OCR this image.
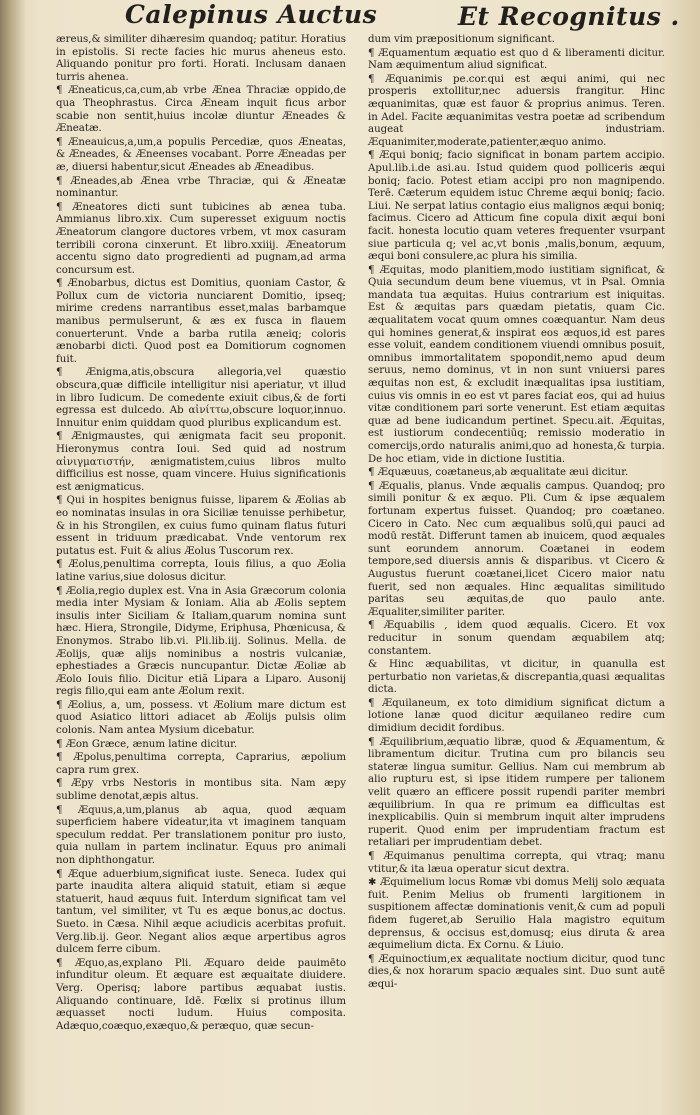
Calepinus Auctus	Et Recognitus .

æreus,& similiter dihæresim quandoq; patitur. Horatius in epistolis. Si recte facies hic murus aheneus esto. Aliquando ponitur pro forti. Horati. Inclusam danaen turris ahenea.

¶ Æneaticus,ca,cum,ab vrbe Ænea Thraciæ oppido,de qua Theophrastus. Circa Æneam inquit ficus arbor scabie non sentit,huius incolæ diuntur Æneades & Æneatæ.

¶ Æneauicus,a,um,a populis Percediæ, quos Æneatas, & Æneades, & Æneenses vocabant. Porre Æneadas per æ, diuersi habentur,sicut Æneades ab Æneadibus.

¶ Æneades,ab Ænea vrbe Thraciæ, qui & Æneatæ nominantur.

¶ Æneatores dicti sunt tubicines ab ænea tuba. Ammianus libro.xix. Cum superesset exiguum noctis Æneatorum clangore ductores vrbem, vt mox casuram terribili corona cinxerunt. Et libro.xxiiij. Æneatorum accentu signo dato progredienti ad pugnam,ad arma concursum est.

¶ Ænobarbus, dictus est Domitius, quoniam Castor, & Pollux cum de victoria nunciarent Domitio, ipseq; mirime credens narrantibus esset,malas barbamque manibus permulserunt, & æs ex fusca in flauem conuerterunt. Vnde a barba rutila æneiq; coloris ænobarbi dicti. Quod post ea Domitiorum cognomen fuit.

¶ Ænigma,atis,obscura allegoria,vel quæstio obscura,quæ difficile intelligitur nisi aperiatur, vt illud in libro Iudicum. De comedente exiuit cibus,& de forti egressa est dulcedo. Ab αἰνίττω,obscure loquor,innuo. Innuitur enim quiddam quod pluribus explicandum est.

¶ Ænigmaustes, qui ænigmata facit seu proponit. Hieronymus contra Ioui. Sed quid ad nostrum αἰνιγματιστήν, ænigmatistem,cuius libros multo difficilius est nosse, quam vincere. Huius significationis est ænigmaticus.

¶ Qui in hospites benignus fuisse, liparem & Æolias ab eo nominatas insulas in ora Siciliæ tenuisse perhibetur, & in his Strongilen, ex cuius fumo quinam flatus futuri essent in triduum prædicabat. Vnde ventorum rex putatus est. Fuit & alius Æolus Tuscorum rex.

¶ Æolus,penultima correpta, Iouis filius, a quo Æolia latine varius,siue dolosus dicitur.

¶ Æolia,regio duplex est. Vna in Asia Græcorum colonia media inter Mysiam & Ioniam. Alia ab Æolis septem insulis inter Siciliam & Italiam,quarum nomina sunt hæc. Hiera, Strongile, Didyme, Eriphusa, Phœnicusa, & Enonymos. Strabo lib.vi. Pli.lib.iij. Solinus. Mella. de Æolijs, quæ alijs nominibus a nostris vulcaniæ, ephestiades a Græcis nuncupantur. Dictæ Æoliæ ab Æolo Iouis filio. Dicitur etiã Lipara a Liparo. Ausonij regis filio,qui eam ante Æolum rexit.

¶ Æolius, a, um, possess. vt Æolium mare dictum est quod Asiatico littori adiacet ab Æolijs pulsis olim colonis. Nam antea Mysium dicebatur.

¶ Æon Græce, ænum latine dicitur.

¶ Æpolus,penultima correpta, Caprarius, æpolium capra rum grex.

¶ Æpy vrbs Nestoris in montibus sita. Nam æpy sublime denotat,æpis altus.

¶ Æquus,a,um,planus ab aqua, quod æquam superficiem habere videatur,ita vt imaginem tanquam speculum reddat. Per translationem ponitur pro iusto, quia nullam in partem inclinatur. Equus pro animali non diphthongatur.

¶ Æque aduerbium,significat iuste. Seneca. Iudex qui parte inaudita altera aliquid statuit, etiam si æque statuerit, haud æquus fuit. Interdum significat tam vel tantum, vel similiter, vt Tu es æque bonus,ac doctus. Sueto. in Cæsa. Nihil æque aciudicis acerbitas profuit. Verg.lib.ij. Geor. Negant alios æque arpertibus agros dulcem ferre cibum.

¶ Æquo,as,explano Pli. Æquaro deide pauimēto infunditur oleum. Et æquare est æquaitate diuidere. Verg. Operisq; labore partibus æquabat iustis. Aliquando continuare, Idē. Fœlix si protinus illum æquasset nocti ludum. Huius composita. Adæquo,coæquo,exæquo,& peræquo, quæ secun-

dum vim præpositionum significant.

¶ Æquamentum æquatio est quo d & liberamenti dicitur. Nam æquimentum aliud significat.

¶ Æquanimis pe.cor.qui est æqui animi, qui nec prosperis extollitur,nec aduersis frangitur. Hinc æquanimitas, quæ est fauor & proprius animus. Teren. in Adel. Facite æquanimitas vestra poetæ ad scribendum augeat industriam. Æquanimiter,moderate,patienter,æquo animo.

¶ Æqui boniq; facio significat in bonam partem accipio. Apul.lib.i.de asi.au. Istud quidem quod polliceris æqui boniq; facio. Potest etiam accipi pro non magnipendo. Terē. Cæterum equidem istuc Chreme æqui boniq; facio. Liui. Ne serpat latius contagio eius malignos æqui boniq; facimus. Cicero ad Atticum fine copula dixit æqui boni facit. honesta locutio quam veteres frequenter vsurpant siue particula q; vel ac,vt bonis ,malis,bonum, æquum, æqui boni consulere,ac plura his similia.

¶ Æquitas, modo planitiem,modo iustitiam significat, & Quia secundum deum bene viuemus, vt in Psal. Omnia mandata tua æquitas. Huius contrarium est iniquitas. Est & æquitas pars quædam pietatis, quam Cic. æqualitatem vocat quum omnes coæquantur. Nam deus qui homines generat,& inspirat eos æquos,id est pares esse voluit, eandem conditionem viuendi omnibus posuit, omnibus immortalitatem spopondit,nemo apud deum seruus, nemo dominus, vt in non sunt vniuersi pares æquitas non est, & excludit inæqualitas ipsa iustitiam, cuius vis omnis in eo est vt pares faciat eos, qui ad huius vitæ conditionem pari sorte venerunt. Est etiam æquitas quæ ad bene iudicandum pertinet. Specu.ait. Æquitas, est iustiorum condecentiūq; remissio moderatio in comercijs,ordo naturalis animi,quo ad honesta,& turpia. De hoc etiam, vide in dictione Iustitia.

¶ Æquæuus, coætaneus,ab æqualitate æui dicitur.

¶ Æqualis, planus. Vnde æqualis campus. Quandoq; pro simili ponitur & ex æquo. Pli. Cum & ipse æqualem fortunam expertus fuisset. Quandoq; pro coætaneo. Cicero in Cato. Nec cum æqualibus solū,qui pauci ad modū restāt. Differunt tamen ab inuicem, quod æquales sunt eorundem annorum. Coætanei in eodem tempore,sed diuersis annis & disparibus. vt Cicero & Augustus fuerunt coætanei,licet Cicero maior natu fuerit, sed non æquales. Hinc æqualitas similitudo paritas seu æquitas,de quo paulo ante. Æqualiter,similiter pariter.

¶ Æquabilis , idem quod æqualis. Cicero. Et vox reducitur in sonum quendam æquabilem atq; constantem.

& Hinc æquabilitas, vt dicitur, in quanulla est perturbatio non varietas,& discrepantia,quasi æqualitas dicta.

¶ Æquilaneum, ex toto dimidium significat dictum a lotione lanæ quod dicitur æquilaneo redire cum dimidium decidit fordibus.

¶ Æquilibrium,æquatio libræ, quod & Æquamentum, & libramentum dicitur. Trutina cum pro bilancis seu stateræ lingua sumitur. Gellius. Nam cui membrum ab alio rupturu est, si ipse itidem rumpere per talionem velit quæro an efficere possit rupendi pariter membri æquilibrium. In qua re primum ea difficultas est inexplicabilis. Quin si membrum inquit alter imprudens ruperit. Quod enim per imprudentiam fractum est retaliari per imprudentiam debet.

¶ Æquimanus penultima correpta, qui vtraq; manu vtitur,& ita læua operatur sicut dextra.

✱ Æquimelium locus Romæ vbi domus Melij solo æquata fuit. P.enim Melius ob frumenti largitionem in suspitionem affectæ dominationis venit,& cum ad populi fidem fugeret,ab Seruilio Hala magistro equitum deprensus, & occisus est,domusq; eius diruta & area æquimelium dicta. Ex Cornu. & Liuio.

¶ Æquinoctium,ex æqualitate noctium dicitur, quod tunc dies,& nox horarum spacio æquales sint. Duo sunt autē æqui-
